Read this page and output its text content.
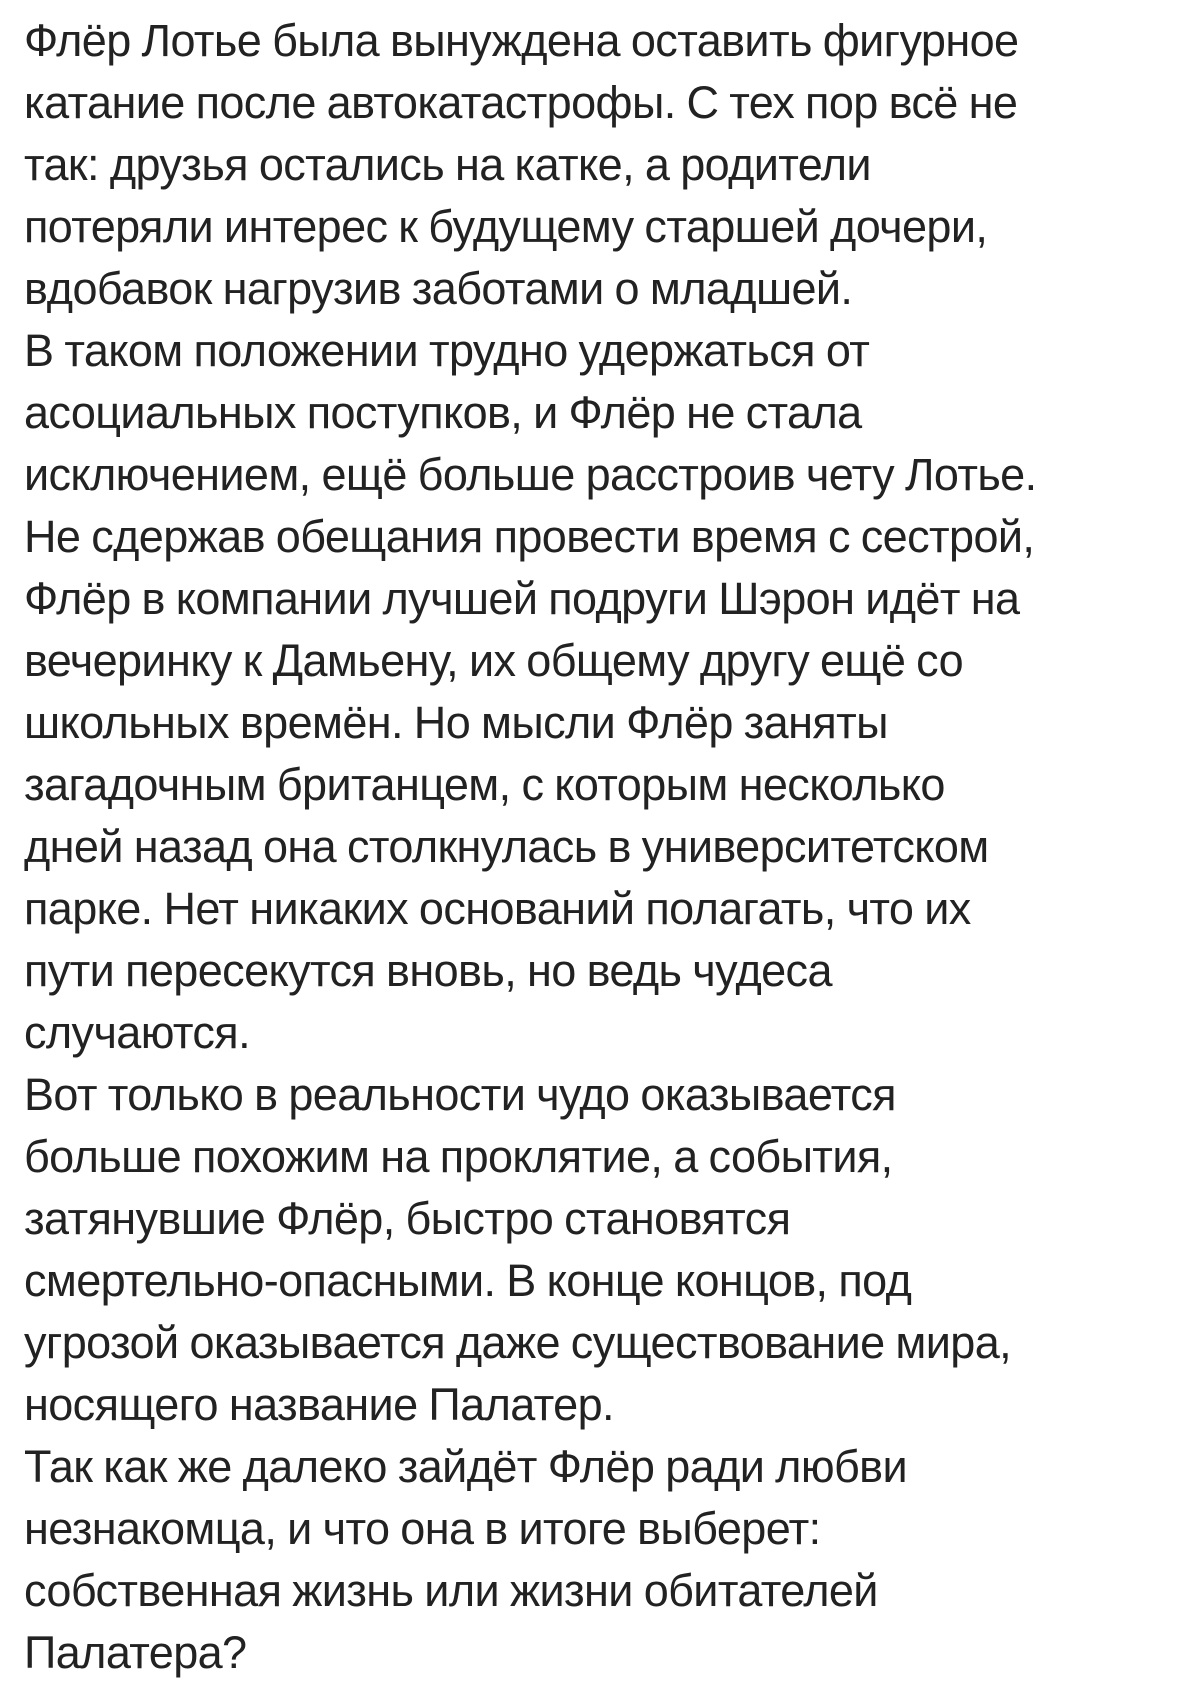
Флёр Лотье была вынуждена оставить фигурное
катание после автокатастрофы. С тех пор всё не
так: друзья остались на катке, а родители
потеряли интерес к будущему старшей дочери,
вдобавок нагрузив заботами о младшей.
В таком положении трудно удержаться от
асоциальных поступков, и Флёр не стала
исключением, ещё больше расстроив чету Лотье.
Не сдержав обещания провести время с сестрой,
Флёр в компании лучшей подруги Шэрон идёт на
вечеринку к Дамьену, их общему другу ещё со
школьных времён. Но мысли Флёр заняты
загадочным британцем, с которым несколько
дней назад она столкнулась в университетском
парке. Нет никаких оснований полагать, что их
пути пересекутся вновь, но ведь чудеса
случаются.
Вот только в реальности чудо оказывается
больше похожим на проклятие, а события,
затянувшие Флёр, быстро становятся
смертельно-опасными. В конце концов, под
угрозой оказывается даже существование мира,
носящего название Палатер.
Так как же далеко зайдёт Флёр ради любви
незнакомца, и что она в итоге выберет:
собственная жизнь или жизни обитателей
Палатера?
